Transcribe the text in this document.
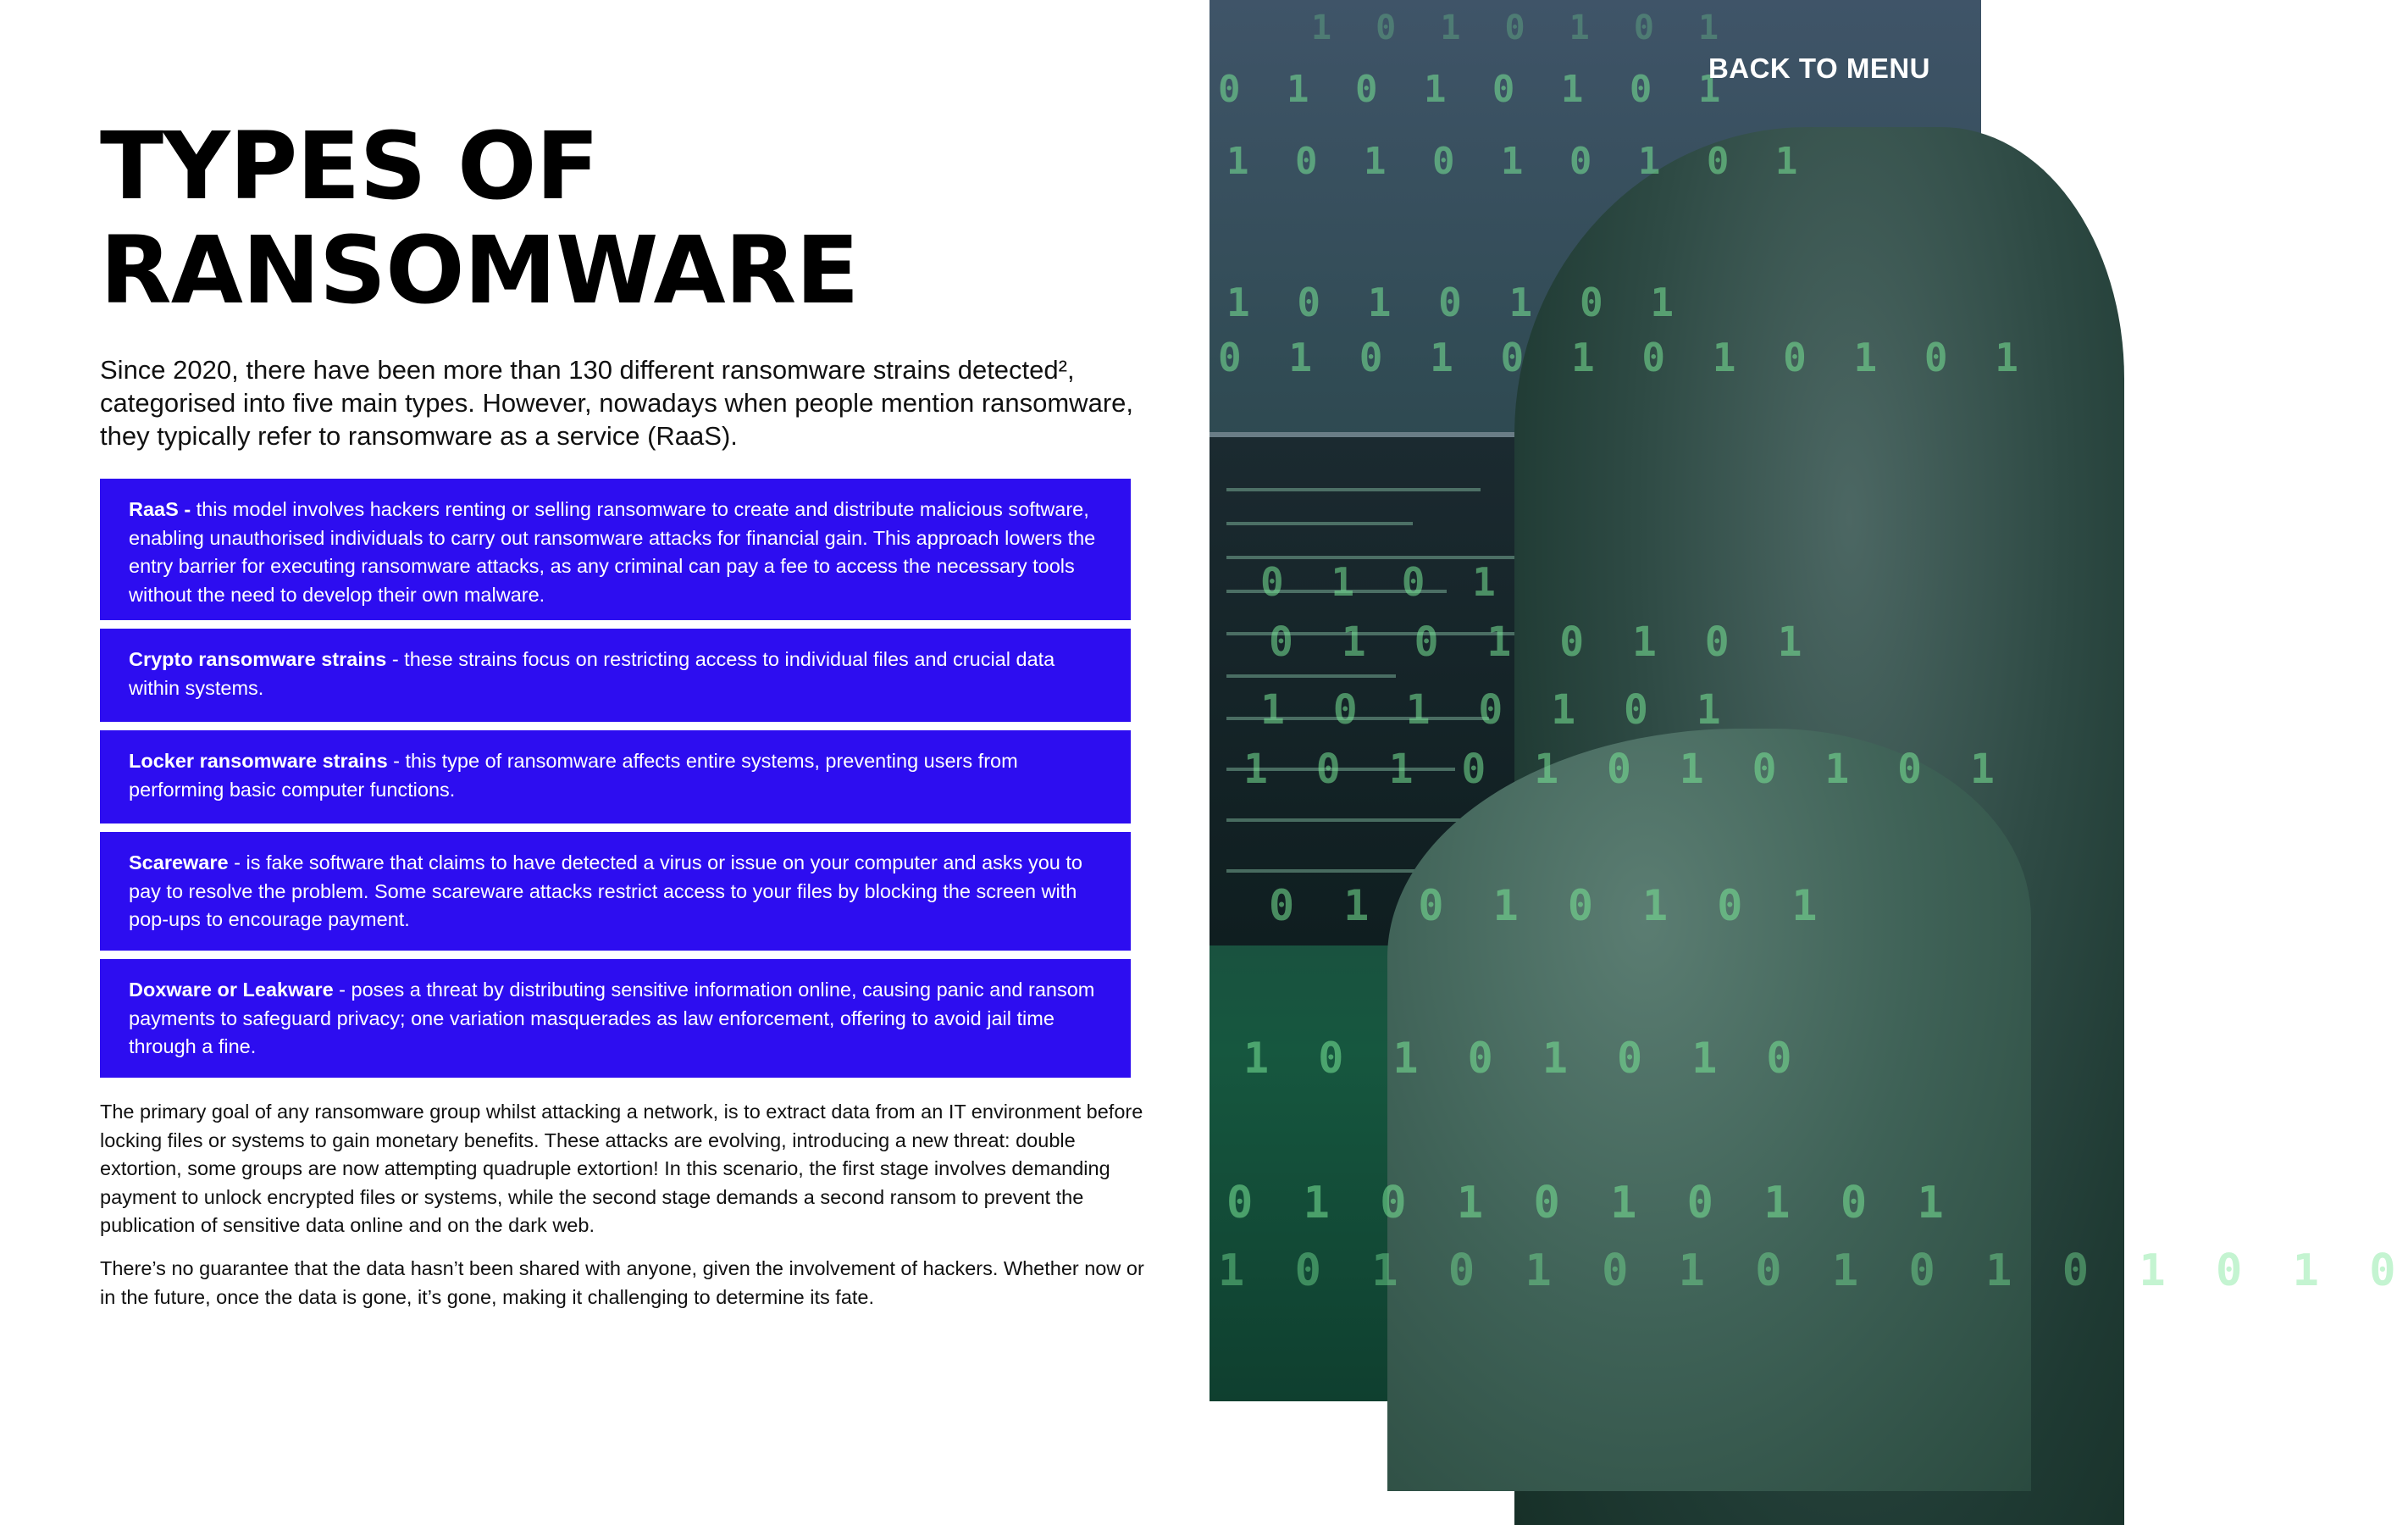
TYPES OF
RANSOMWARE

Since 2020, there have been more than 130 different ransomware strains detected², categorised into five main types. However, nowadays when people mention ransomware, they typically refer to ransomware as a service (RaaS).

RaaS - this model involves hackers renting or selling ransomware to create and distribute malicious software, enabling unauthorised individuals to carry out ransomware attacks for financial gain. This approach lowers the entry barrier for executing ransomware attacks, as any criminal can pay a fee to access the necessary tools without the need to develop their own malware.
Crypto ransomware strains - these strains focus on restricting access to individual files and crucial data within systems.
Locker ransomware strains - this type of ransomware affects entire systems, preventing users from performing basic computer functions.
Scareware - is fake software that claims to have detected a virus or issue on your computer and asks you to pay to resolve the problem. Some scareware attacks restrict access to your files by blocking the screen with pop-ups to encourage payment.
Doxware or Leakware - poses a threat by distributing sensitive information online, causing panic and ransom payments to safeguard privacy; one variation masquerades as law enforcement, offering to avoid jail time through a fine.

The primary goal of any ransomware group whilst attacking a network, is to extract data from an IT environment before locking files or systems to gain monetary benefits. These attacks are evolving, introducing a new threat: double extortion, some groups are now attempting quadruple extortion! In this scenario, the first stage involves demanding payment to unlock encrypted files or systems, while the second stage demands a second ransom to prevent the publication of sensitive data online and on the dark web.

There’s no guarantee that the data hasn’t been shared with anyone, given the involvement of hackers. Whether now or in the future, once the data is gone, it’s gone, making it challenging to determine its fate.

1 0 1 0 1 0 1
0 1 0 1 0 1 0 1
1 0 1 0 1 0 1 0 1
1 0 1 0 1 0 1
0 1 0 1 0 1 0 1 0 1 0 1
0 1 0 1
0 1 0 1 0 1 0 1
1 0 1 0 1 0 1
1 0 1 0 1 0 1 0 1 0 1
0 1 0 1 0 1 0 1
1 0 1 0 1 0 1 0
0 1 0 1 0 1 0 1 0 1
1 0 1 0 1 0 1 0 1 0 1 0 1 0 1 0
BACK TO MENU
